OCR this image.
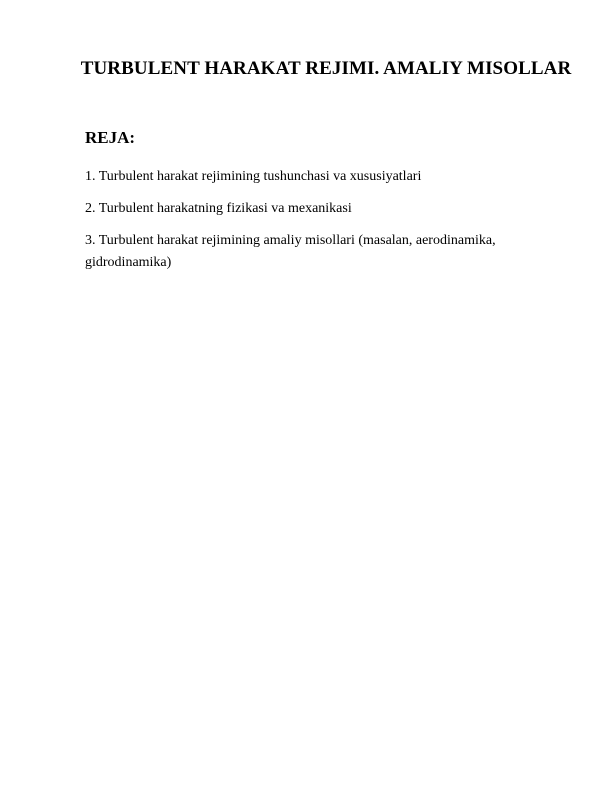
TURBULENT HARAKAT REJIMI. AMALIY MISOLLAR
REJA:
1. Turbulent harakat rejimining tushunchasi va xususiyatlari
2. Turbulent harakatning fizikasi va mexanikasi
3. Turbulent harakat rejimining amaliy misollari (masalan, aerodinamika, gidrodinamika)
